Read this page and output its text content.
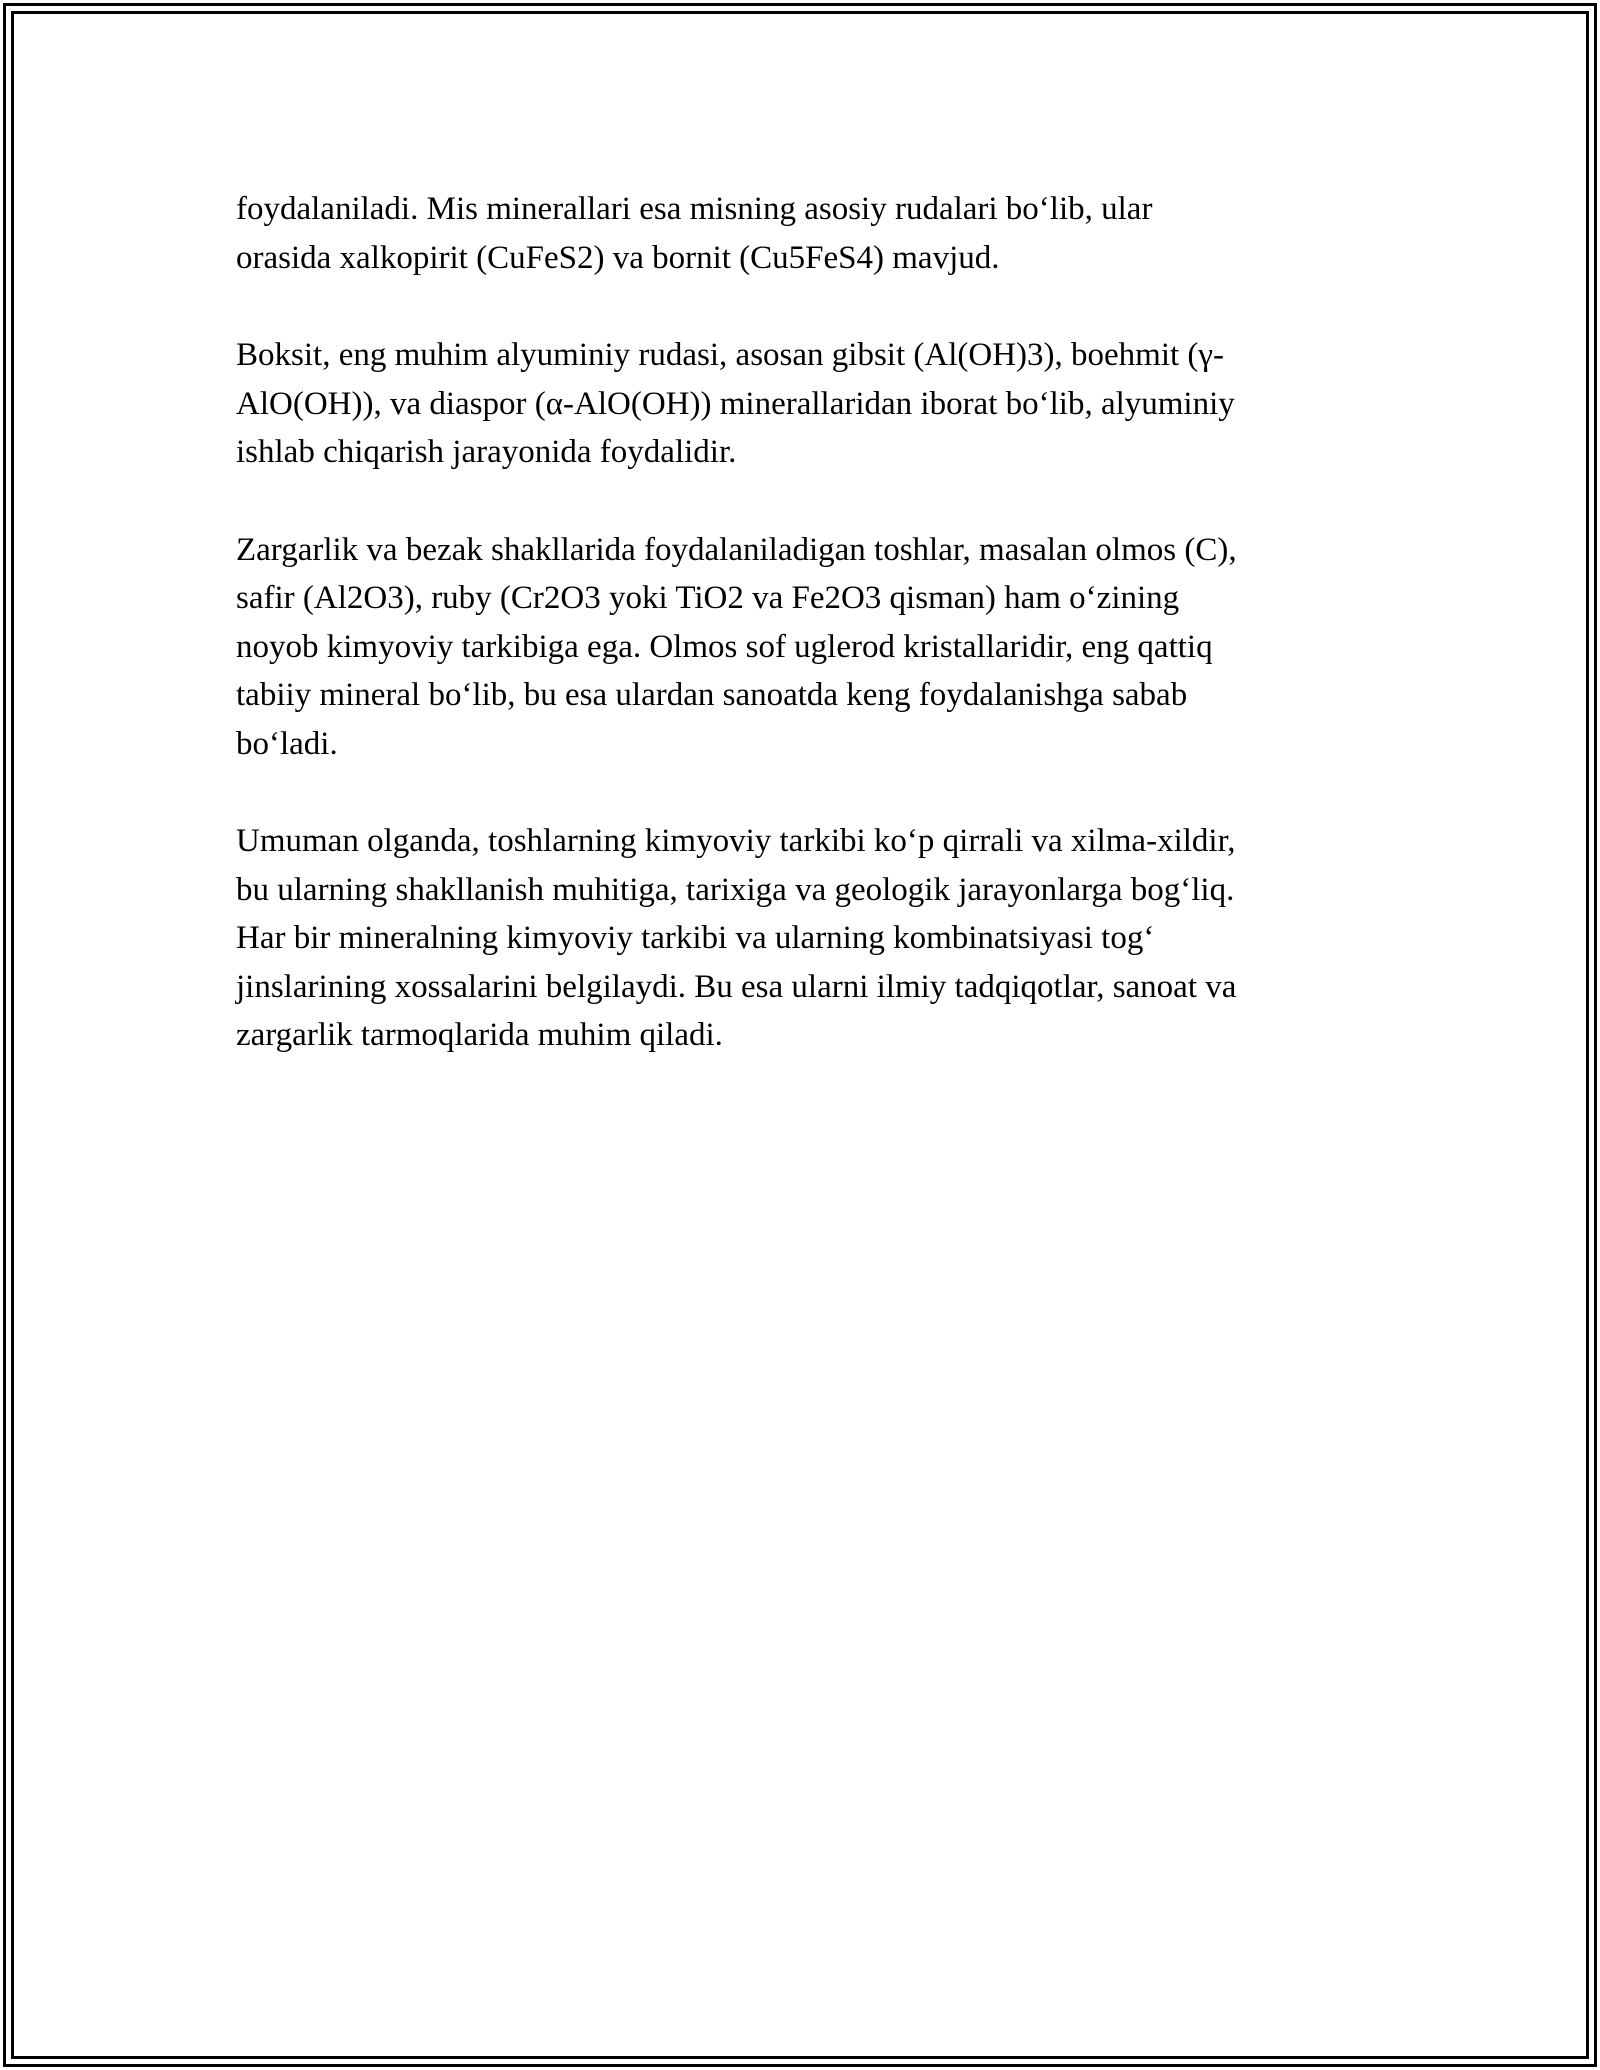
foydalaniladi. Mis minerallari esa misning asosiy rudalari bo‘lib, ular
orasida xalkopirit (CuFeS2) va bornit (Cu5FeS4) mavjud.

Boksit, eng muhim alyuminiy rudasi, asosan gibsit (Al(OH)3), boehmit (γ-
AlO(OH)), va diaspor (α-AlO(OH)) minerallaridan iborat bo‘lib, alyuminiy
ishlab chiqarish jarayonida foydalidir.

Zargarlik va bezak shakllarida foydalaniladigan toshlar, masalan olmos (C),
safir (Al2O3), ruby (Cr2O3 yoki TiO2 va Fe2O3 qisman) ham o‘zining
noyob kimyoviy tarkibiga ega. Olmos sof uglerod kristallaridir, eng qattiq
tabiiy mineral bo‘lib, bu esa ulardan sanoatda keng foydalanishga sabab
bo‘ladi.

Umuman olganda, toshlarning kimyoviy tarkibi ko‘p qirrali va xilma-xildir,
bu ularning shakllanish muhitiga, tarixiga va geologik jarayonlarga bog‘liq.
Har bir mineralning kimyoviy tarkibi va ularning kombinatsiyasi tog‘
jinslarining xossalarini belgilaydi. Bu esa ularni ilmiy tadqiqotlar, sanoat va
zargarlik tarmoqlarida muhim qiladi.
